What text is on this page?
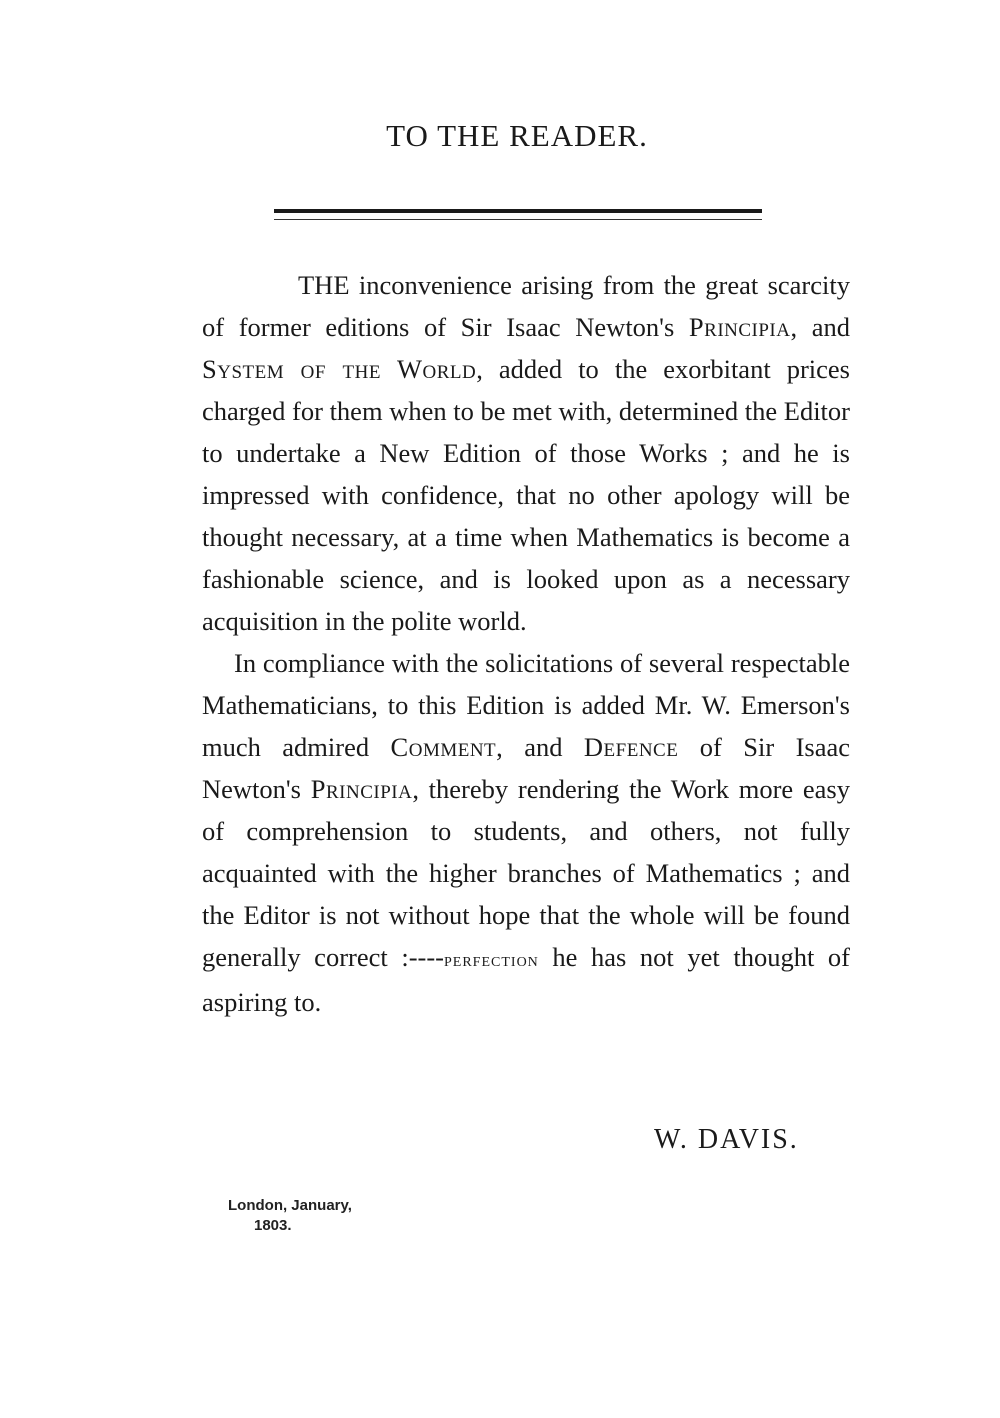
TO THE READER.

THE inconvenience arising from the great scarcity of former editions of Sir Isaac Newton's Principia, and System of the World, added to the exorbitant prices charged for them when to be met with, determined the Editor to undertake a New Edition of those Works ; and he is impressed with confidence, that no other apology will be thought necessary, at a time when Mathematics is become a fashionable science, and is looked upon as a necessary acquisition in the polite world.

In compliance with the solicitations of several respectable Mathematicians, to this Edition is added Mr. W. Emerson's much admired Comment, and Defence of Sir Isaac Newton's Principia, thereby rendering the Work more easy of comprehension to students, and others, not fully acquainted with the higher branches of Mathematics ; and the Editor is not without hope that the whole will be found generally correct :----perfection he has not yet thought of aspiring to.

W. DAVIS.

London, January,
1803.
